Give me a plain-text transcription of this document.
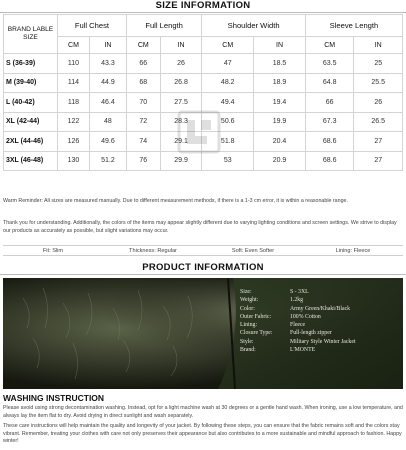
SIZE INFORMATION
BRAND LABLE SIZE	Full Chest		Full Length		Shoulder Width		Sleeve Length	
	CM	IN	CM	IN	CM	IN	CM	IN
S (36-39)	110	43.3	66	26	47	18.5	63.5	25
M (39-40)	114	44.9	68	26.8	48.2	18.9	64.8	25.5
L (40-42)	118	46.4	70	27.5	49.4	19.4	66	26
XL (42-44)	122	48	72	28.3	50.6	19.9	67.3	26.5
2XL (44-46)	126	49.6	74	29.1	51.8	20.4	68.6	27
3XL (46-48)	130	51.2	76	29.9	53	20.9	68.6	27
Warm Reminder: All sizes are measured manually. Due to different measurement methods, if there is a 1-3 cm error, it is within a reasonable range.
Thank you for understanding. Additionally, the colors of the items may appear slightly different due to varying lighting conditions and screen settings. We strive to display our products as accurately as possible, but slight variations may occur.
Fit: Slim	Thickness: Regular	Soft: Even Softer	Lining: Fleece
PRODUCT INFORMATION
Size:	S - 3XL
Weight:	1.2kg
Color:	Army Green/Khaki/Black
Outer Fabric:	100% Cotton
Lining:	Fleece
Closure Type:	Full-length zipper
Style:	Military Style Winter Jacket
Brand:	L'MONTE
WASHING INSTRUCTION
Please avoid using strong decontamination washing. Instead, opt for a light machine wash at 30 degrees or a gentle hand wash. When ironing, use a low temperature, and always lay the item flat to dry. Avoid drying in direct sunlight and wash separately.
These care instructions will help maintain the quality and longevity of your jacket. By following these steps, you can ensure that the fabric remains soft and the colors stay vibrant. Remember, treating your clothes with care not only preserves their appearance but also contributes to a more sustainable and mindful approach to fashion. Happy winter!
